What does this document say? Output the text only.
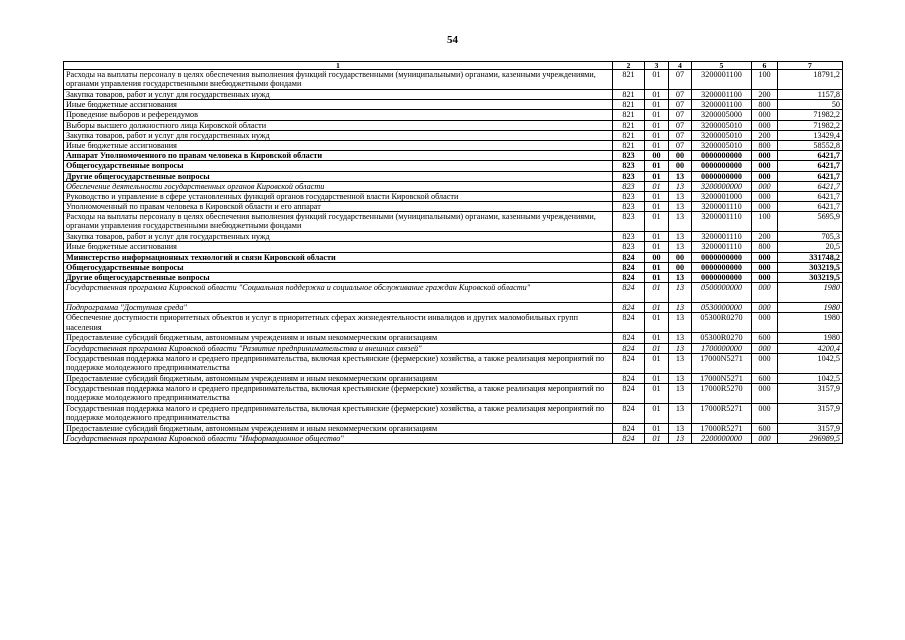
54
1	2	3	4	5	6	7
Расходы на выплаты персоналу в целях обеспечения выполнения функций государственными (муниципальными) органами, казенными учреждениями, органами управления государственными внебюджетными фондами	821	01	07	3200001100	100	18791,2
Закупка товаров, работ и услуг для государственных нужд	821	01	07	3200001100	200	1157,8
Иные бюджетные ассигнования	821	01	07	3200001100	800	50
Проведение выборов и референдумов	821	01	07	3200005000	000	71982,2
Выборы высшего должностного лица Кировской области	821	01	07	3200005010	000	71982,2
Закупка товаров, работ и услуг для государственных нужд	821	01	07	3200005010	200	13429,4
Иные бюджетные ассигнования	821	01	07	3200005010	800	58552,8
Аппарат Уполномоченного по правам человека в Кировской области	823	00	00	0000000000	000	6421,7
Общегосударственные вопросы	823	01	00	0000000000	000	6421,7
Другие общегосударственные вопросы	823	01	13	0000000000	000	6421,7
Обеспечение деятельности государственных органов Кировской области	823	01	13	3200000000	000	6421,7
Руководство и управление в сфере установленных функций органов государственной власти Кировской области	823	01	13	3200001000	000	6421,7
Уполномоченный по правам человека в Кировской области и его аппарат	823	01	13	3200001110	000	6421,7
Расходы на выплаты персоналу в целях обеспечения выполнения функций государственными (муниципальными) органами, казенными учреждениями, органами управления государственными внебюджетными фондами	823	01	13	3200001110	100	5695,9
Закупка товаров, работ и услуг для государственных нужд	823	01	13	3200001110	200	705,3
Иные бюджетные ассигнования	823	01	13	3200001110	800	20,5
Министерство информационных технологий и связи Кировской области	824	00	00	0000000000	000	331748,2
Общегосударственные вопросы	824	01	00	0000000000	000	303219,5
Другие общегосударственные вопросы	824	01	13	0000000000	000	303219,5
Государственная программа Кировской области "Социальная поддержка и социальное обслуживание граждан Кировской области"	824	01	13	0500000000	000	1980
Подпрограмма "Доступная среда"	824	01	13	0530000000	000	1980
Обеспечение доступности приоритетных объектов и услуг в приоритетных сферах жизнедеятельности инвалидов и других маломобильных групп населения	824	01	13	05300R0270	000	1980
Предоставление субсидий бюджетным, автономным учреждениям и иным некоммерческим организациям	824	01	13	05300R0270	600	1980
Государственная программа Кировской области "Развитие предпринимательства и внешних связей"	824	01	13	1700000000	000	4200,4
Государственная поддержка малого и среднего предпринимательства, включая крестьянские (фермерские) хозяйства, а также реализация мероприятий по поддержке молодежного предпринимательства	824	01	13	17000N5271	000	1042,5
Предоставление субсидий бюджетным, автономным учреждениям и иным некоммерческим организациям	824	01	13	17000N5271	600	1042,5
Государственная поддержка малого и среднего предпринимательства, включая крестьянские (фермерские) хозяйства, а также реализация мероприятий по поддержке молодежного предпринимательства	824	01	13	17000R5270	000	3157,9
Государственная поддержка малого и среднего предпринимательства, включая крестьянские (фермерские) хозяйства, а также реализация мероприятий по поддержке молодежного предпринимательства	824	01	13	17000R5271	000	3157,9
Предоставление субсидий бюджетным, автономным учреждениям и иным некоммерческим организациям	824	01	13	17000R5271	600	3157,9
Государственная программа Кировской области "Информационное общество"	824	01	13	2200000000	000	296989,5
